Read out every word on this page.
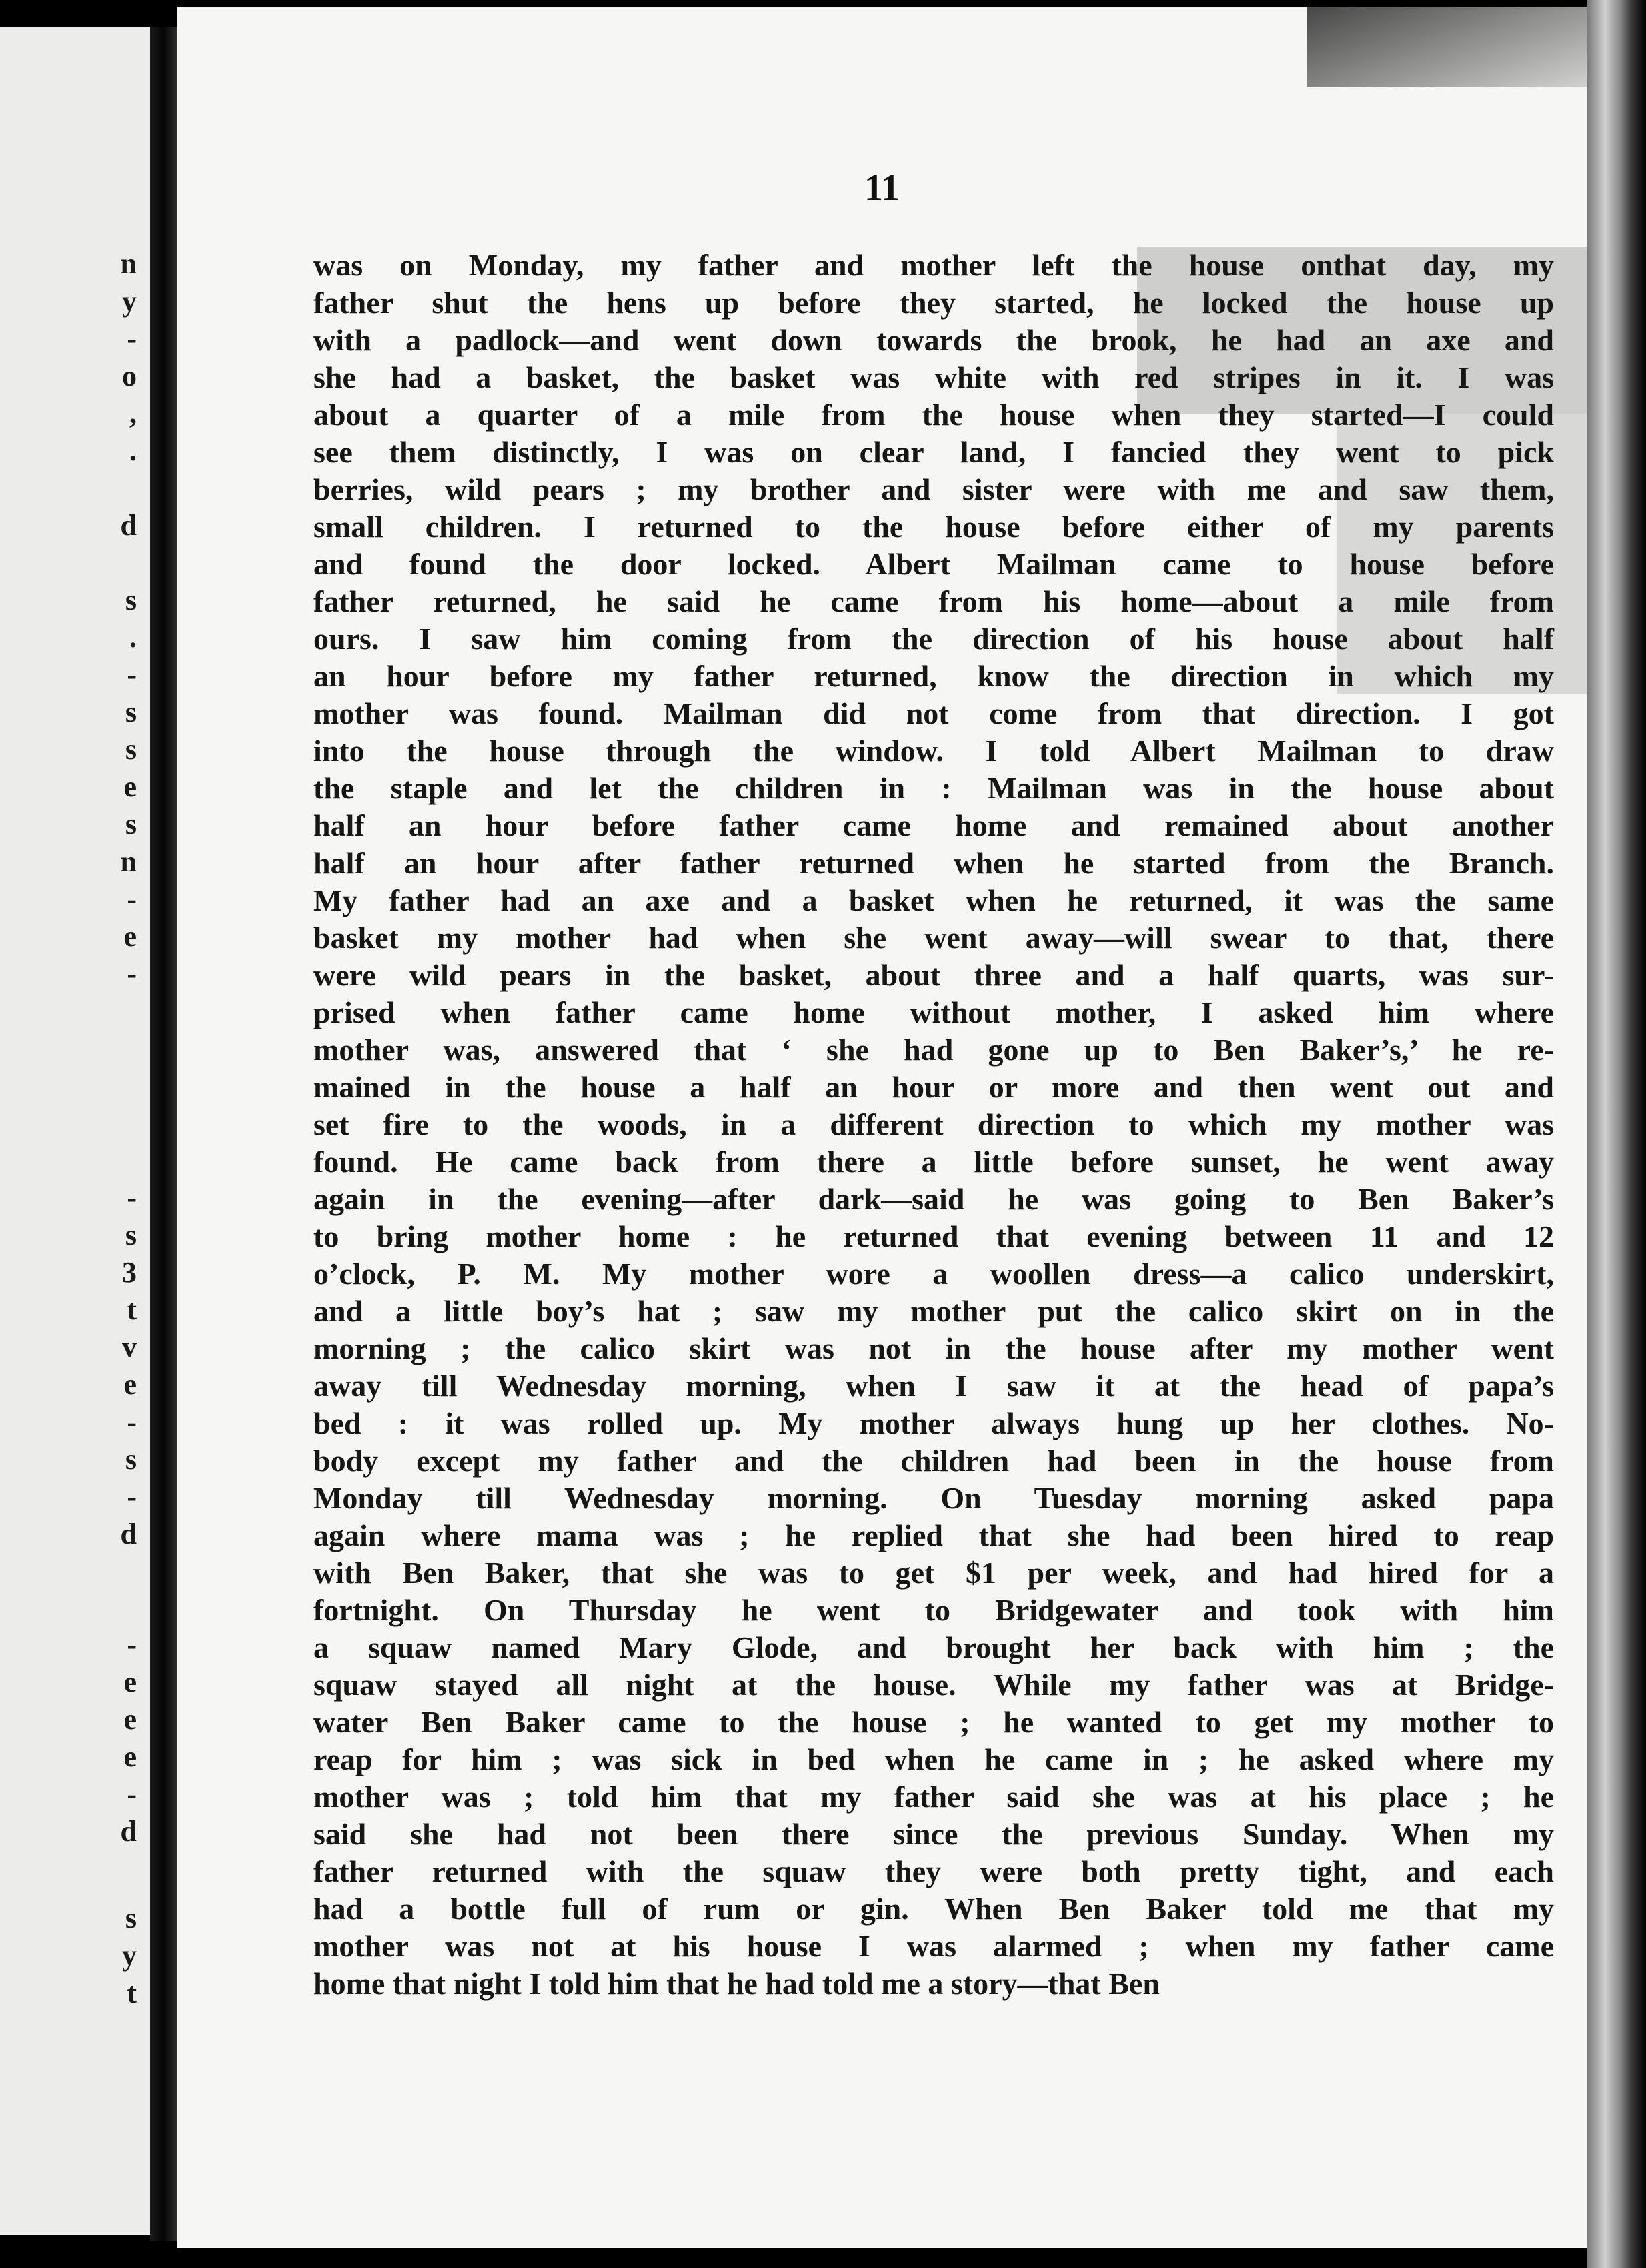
n
y
-
o
,
.
d
s
.
-
s
s
e
s
n
-
e
-
-
s
3
t
v
e
-
s
-
d
-
e
e
e
-
d
s
y
t
11
was on Monday, my father and mother left the house onthat day, my
father shut the hens up before they started, he locked the house up
with a padlock—and went down towards the brook, he had an axe and
she had a basket, the basket was white with red stripes in it. I was
about a quarter of a mile from the house when they started—I could
see them distinctly, I was on clear land, I fancied they went to pick
berries, wild pears ; my brother and sister were with me and saw them,
small children. I returned to the house before either of my parents
and found the door locked. Albert Mailman came to house before
father returned, he said he came from his home—about a mile from
ours. I saw him coming from the direction of his house about half
an hour before my father returned, know the direction in which my
mother was found. Mailman did not come from that direction. I got
into the house through the window. I told Albert Mailman to draw
the staple and let the children in : Mailman was in the house about
half an hour before father came home and remained about another
half an hour after father returned when he started from the Branch.
My father had an axe and a basket when he returned, it was the same
basket my mother had when she went away—will swear to that, there
were wild pears in the basket, about three and a half quarts, was sur-
prised when father came home without mother, I asked him where
mother was, answered that ‘ she had gone up to Ben Baker’s,’ he re-
mained in the house a half an hour or more and then went out and
set fire to the woods, in a different direction to which my mother was
found. He came back from there a little before sunset, he went away
again in the evening—after dark—said he was going to Ben Baker’s
to bring mother home : he returned that evening between 11 and 12
o’clock, P. M. My mother wore a woollen dress—a calico underskirt,
and a little boy’s hat ; saw my mother put the calico skirt on in the
morning ; the calico skirt was not in the house after my mother went
away till Wednesday morning, when I saw it at the head of papa’s
bed : it was rolled up. My mother always hung up her clothes. No-
body except my father and the children had been in the house from
Monday till Wednesday morning. On Tuesday morning asked papa
again where mama was ; he replied that she had been hired to reap
with Ben Baker, that she was to get $1 per week, and had hired for a
fortnight. On Thursday he went to Bridgewater and took with him
a squaw named Mary Glode, and brought her back with him ; the
squaw stayed all night at the house. While my father was at Bridge-
water Ben Baker came to the house ; he wanted to get my mother to
reap for him ; was sick in bed when he came in ; he asked where my
mother was ; told him that my father said she was at his place ; he
said she had not been there since the previous Sunday. When my
father returned with the squaw they were both pretty tight, and each
had a bottle full of rum or gin. When Ben Baker told me that my
mother was not at his house I was alarmed ; when my father came
home that night I told him that he had told me a story—that Ben
